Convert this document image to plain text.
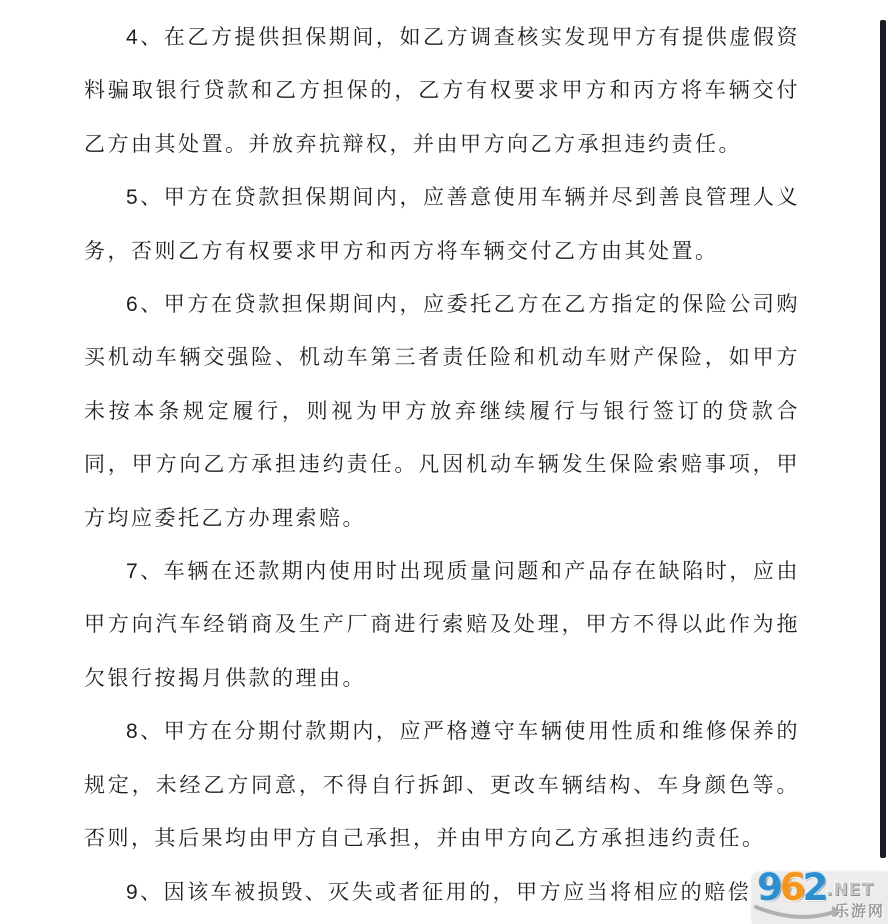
4、在乙方提供担保期间，如乙方调查核实发现甲方有提供虚假资料骗取银行贷款和乙方担保的，乙方有权要求甲方和丙方将车辆交付乙方由其处置。并放弃抗辩权，并由甲方向乙方承担违约责任。

5、甲方在贷款担保期间内，应善意使用车辆并尽到善良管理人义务，否则乙方有权要求甲方和丙方将车辆交付乙方由其处置。

6、甲方在贷款担保期间内，应委托乙方在乙方指定的保险公司购买机动车辆交强险、机动车第三者责任险和机动车财产保险，如甲方未按本条规定履行，则视为甲方放弃继续履行与银行签订的贷款合同，甲方向乙方承担违约责任。凡因机动车辆发生保险索赔事项，甲方均应委托乙方办理索赔。

7、车辆在还款期内使用时出现质量问题和产品存在缺陷时，应由甲方向汽车经销商及生产厂商进行索赔及处理，甲方不得以此作为拖欠银行按揭月供款的理由。

8、甲方在分期付款期内，应严格遵守车辆使用性质和维修保养的规定，未经乙方同意，不得自行拆卸、更改车辆结构、车身颜色等。否则，其后果均由甲方自己承担，并由甲方向乙方承担违约责任。

9、因该车被损毁、灭失或者征用的，甲方应当将相应的赔偿 962 .NET
乐游网
